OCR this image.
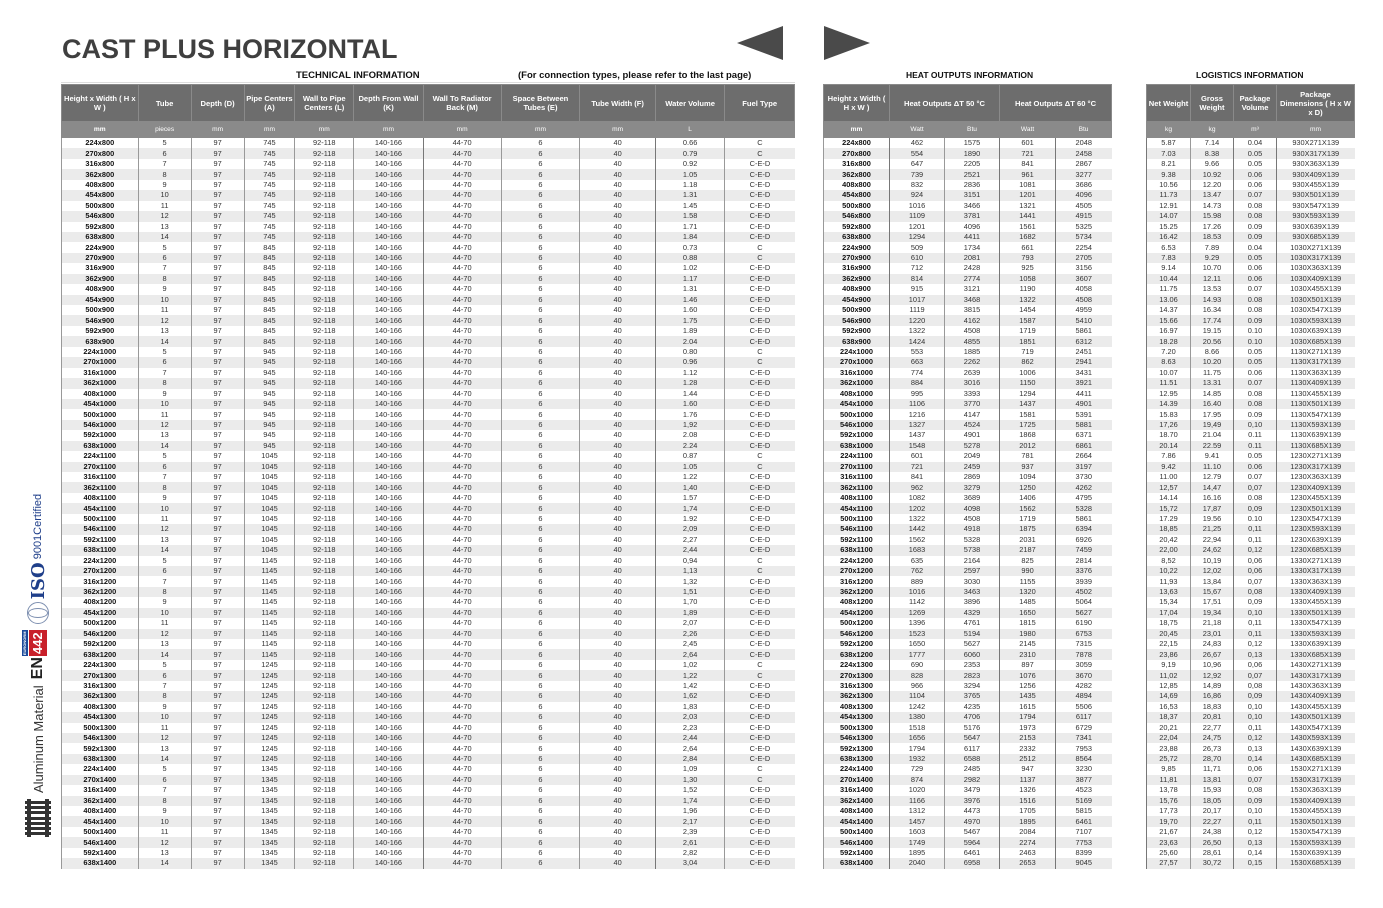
CAST PLUS HORIZONTAL
TECHNICAL INFORMATION	(For connection types, please refer to the last page)	HEAT OUTPUTS INFORMATION	LOGISTICS INFORMATION
Height x Width ( H x W )	Tube	Depth (D)	Pipe Centers (A)	Wall to Pipe Centers (L)	Depth From Wall (K)	Wall To Radiator Back (M)	Space Between Tubes (E)	Tube Width (F)	Water Volume	Fuel Type
mm	pieces	mm	mm	mm	mm	mm	mm	mm	L	
224x800	5	97	745	92-118	140-166	44-70	6	40	0.66	C
270x800	6	97	745	92-118	140-166	44-70	6	40	0.79	C
316x800	7	97	745	92-118	140-166	44-70	6	40	0.92	C-E-D
362x800	8	97	745	92-118	140-166	44-70	6	40	1.05	C-E-D
408x800	9	97	745	92-118	140-166	44-70	6	40	1.18	C-E-D
454x800	10	97	745	92-118	140-166	44-70	6	40	1.31	C-E-D
500x800	11	97	745	92-118	140-166	44-70	6	40	1.45	C-E-D
546x800	12	97	745	92-118	140-166	44-70	6	40	1.58	C-E-D
592x800	13	97	745	92-118	140-166	44-70	6	40	1.71	C-E-D
638x800	14	97	745	92-118	140-166	44-70	6	40	1.84	C-E-D
224x900	5	97	845	92-118	140-166	44-70	6	40	0.73	C
270x900	6	97	845	92-118	140-166	44-70	6	40	0.88	C
316x900	7	97	845	92-118	140-166	44-70	6	40	1.02	C-E-D
362x900	8	97	845	92-118	140-166	44-70	6	40	1.17	C-E-D
408x900	9	97	845	92-118	140-166	44-70	6	40	1.31	C-E-D
454x900	10	97	845	92-118	140-166	44-70	6	40	1.46	C-E-D
500x900	11	97	845	92-118	140-166	44-70	6	40	1.60	C-E-D
546x900	12	97	845	92-118	140-166	44-70	6	40	1.75	C-E-D
592x900	13	97	845	92-118	140-166	44-70	6	40	1.89	C-E-D
638x900	14	97	845	92-118	140-166	44-70	6	40	2.04	C-E-D
224x1000	5	97	945	92-118	140-166	44-70	6	40	0.80	C
270x1000	6	97	945	92-118	140-166	44-70	6	40	0.96	C
316x1000	7	97	945	92-118	140-166	44-70	6	40	1.12	C-E-D
362x1000	8	97	945	92-118	140-166	44-70	6	40	1.28	C-E-D
408x1000	9	97	945	92-118	140-166	44-70	6	40	1.44	C-E-D
454x1000	10	97	945	92-118	140-166	44-70	6	40	1.60	C-E-D
500x1000	11	97	945	92-118	140-166	44-70	6	40	1.76	C-E-D
546x1000	12	97	945	92-118	140-166	44-70	6	40	1,92	C-E-D
592x1000	13	97	945	92-118	140-166	44-70	6	40	2.08	C-E-D
638x1000	14	97	945	92-118	140-166	44-70	6	40	2.24	C-E-D
224x1100	5	97	1045	92-118	140-166	44-70	6	40	0.87	C
270x1100	6	97	1045	92-118	140-166	44-70	6	40	1.05	C
316x1100	7	97	1045	92-118	140-166	44-70	6	40	1.22	C-E-D
362x1100	8	97	1045	92-118	140-166	44-70	6	40	1,40	C-E-D
408x1100	9	97	1045	92-118	140-166	44-70	6	40	1.57	C-E-D
454x1100	10	97	1045	92-118	140-166	44-70	6	40	1,74	C-E-D
500x1100	11	97	1045	92-118	140-166	44-70	6	40	1.92	C-E-D
546x1100	12	97	1045	92-118	140-166	44-70	6	40	2,09	C-E-D
592x1100	13	97	1045	92-118	140-166	44-70	6	40	2,27	C-E-D
638x1100	14	97	1045	92-118	140-166	44-70	6	40	2,44	C-E-D
224x1200	5	97	1145	92-118	140-166	44-70	6	40	0,94	C
270x1200	6	97	1145	92-118	140-166	44-70	6	40	1,13	C
316x1200	7	97	1145	92-118	140-166	44-70	6	40	1,32	C-E-D
362x1200	8	97	1145	92-118	140-166	44-70	6	40	1,51	C-E-D
408x1200	9	97	1145	92-118	140-166	44-70	6	40	1,70	C-E-D
454x1200	10	97	1145	92-118	140-166	44-70	6	40	1,89	C-E-D
500x1200	11	97	1145	92-118	140-166	44-70	6	40	2,07	C-E-D
546x1200	12	97	1145	92-118	140-166	44-70	6	40	2,26	C-E-D
592x1200	13	97	1145	92-118	140-166	44-70	6	40	2,45	C-E-D
638x1200	14	97	1145	92-118	140-166	44-70	6	40	2,64	C-E-D
224x1300	5	97	1245	92-118	140-166	44-70	6	40	1,02	C
270x1300	6	97	1245	92-118	140-166	44-70	6	40	1,22	C
316x1300	7	97	1245	92-118	140-166	44-70	6	40	1,42	C-E-D
362x1300	8	97	1245	92-118	140-166	44-70	6	40	1,62	C-E-D
408x1300	9	97	1245	92-118	140-166	44-70	6	40	1,83	C-E-D
454x1300	10	97	1245	92-118	140-166	44-70	6	40	2,03	C-E-D
500x1300	11	97	1245	92-118	140-166	44-70	6	40	2,23	C-E-D
546x1300	12	97	1245	92-118	140-166	44-70	6	40	2,44	C-E-D
592x1300	13	97	1245	92-118	140-166	44-70	6	40	2,64	C-E-D
638x1300	14	97	1245	92-118	140-166	44-70	6	40	2,84	C-E-D
224x1400	5	97	1345	92-118	140-166	44-70	6	40	1,09	C
270x1400	6	97	1345	92-118	140-166	44-70	6	40	1,30	C
316x1400	7	97	1345	92-118	140-166	44-70	6	40	1,52	C-E-D
362x1400	8	97	1345	92-118	140-166	44-70	6	40	1,74	C-E-D
408x1400	9	97	1345	92-118	140-166	44-70	6	40	1,96	C-E-D
454x1400	10	97	1345	92-118	140-166	44-70	6	40	2,17	C-E-D
500x1400	11	97	1345	92-118	140-166	44-70	6	40	2,39	C-E-D
546x1400	12	97	1345	92-118	140-166	44-70	6	40	2,61	C-E-D
592x1400	13	97	1345	92-118	140-166	44-70	6	40	2,82	C-E-D
638x1400	14	97	1345	92-118	140-166	44-70	6	40	3,04	C-E-D
Height x Width ( H x W )	Heat Outputs ΔT 50 °C		Heat Outputs ΔT 60 °C	
mm	Watt	Btu	Watt	Btu
224x800	462	1575	601	2048
270x800	554	1890	721	2458
316x800	647	2205	841	2867
362x800	739	2521	961	3277
408x800	832	2836	1081	3686
454x800	924	3151	1201	4096
500x800	1016	3466	1321	4505
546x800	1109	3781	1441	4915
592x800	1201	4096	1561	5325
638x800	1294	4411	1682	5734
224x900	509	1734	661	2254
270x900	610	2081	793	2705
316x900	712	2428	925	3156
362x900	814	2774	1058	3607
408x900	915	3121	1190	4058
454x900	1017	3468	1322	4508
500x900	1119	3815	1454	4959
546x900	1220	4162	1587	5410
592x900	1322	4508	1719	5861
638x900	1424	4855	1851	6312
224x1000	553	1885	719	2451
270x1000	663	2262	862	2941
316x1000	774	2639	1006	3431
362x1000	884	3016	1150	3921
408x1000	995	3393	1294	4411
454x1000	1106	3770	1437	4901
500x1000	1216	4147	1581	5391
546x1000	1327	4524	1725	5881
592x1000	1437	4901	1868	6371
638x1000	1548	5278	2012	6861
224x1100	601	2049	781	2664
270x1100	721	2459	937	3197
316x1100	841	2869	1094	3730
362x1100	962	3279	1250	4262
408x1100	1082	3689	1406	4795
454x1100	1202	4098	1562	5328
500x1100	1322	4508	1719	5861
546x1100	1442	4918	1875	6394
592x1100	1562	5328	2031	6926
638x1100	1683	5738	2187	7459
224x1200	635	2164	825	2814
270x1200	762	2597	990	3376
316x1200	889	3030	1155	3939
362x1200	1016	3463	1320	4502
408x1200	1142	3896	1485	5064
454x1200	1269	4329	1650	5627
500x1200	1396	4761	1815	6190
546x1200	1523	5194	1980	6753
592x1200	1650	5627	2145	7315
638x1200	1777	6060	2310	7878
224x1300	690	2353	897	3059
270x1300	828	2823	1076	3670
316x1300	966	3294	1256	4282
362x1300	1104	3765	1435	4894
408x1300	1242	4235	1615	5506
454x1300	1380	4706	1794	6117
500x1300	1518	5176	1973	6729
546x1300	1656	5647	2153	7341
592x1300	1794	6117	2332	7953
638x1300	1932	6588	2512	8564
224x1400	729	2485	947	3230
270x1400	874	2982	1137	3877
316x1400	1020	3479	1326	4523
362x1400	1166	3976	1516	5169
408x1400	1312	4473	1705	5815
454x1400	1457	4970	1895	6461
500x1400	1603	5467	2084	7107
546x1400	1749	5964	2274	7753
592x1400	1895	6461	2463	8399
638x1400	2040	6958	2653	9045
Net Weight	Gross Weight	Package Volume	Package Dimensions ( H x W x D)
kg	kg	m³	mm
5.87	7.14	0.04	930X271X139
7.03	8.38	0.05	930X317X139
8.21	9.66	0.05	930X363X139
9.38	10.92	0.06	930X409X139
10.56	12.20	0.06	930X455X139
11.73	13.47	0.07	930X501X139
12.91	14.73	0.08	930X547X139
14.07	15.98	0.08	930X593X139
15.25	17.26	0.09	930X639X139
16.42	18.53	0.09	930X685X139
6.53	7.89	0.04	1030X271X139
7.83	9.29	0.05	1030X317X139
9.14	10.70	0.06	1030X363X139
10.44	12.11	0.06	1030X409X139
11.75	13.53	0.07	1030X455X139
13.06	14.93	0.08	1030X501X139
14.37	16.34	0.08	1030X547X139
15.66	17.74	0.09	1030X593X139
16.97	19.15	0.10	1030X639X139
18.28	20.56	0.10	1030X685X139
7.20	8.66	0.05	1130X271X139
8.63	10.20	0.05	1130X317X139
10.07	11.75	0.06	1130X363X139
11.51	13.31	0.07	1130X409X139
12.95	14.85	0.08	1130X455X139
14.39	16.40	0.08	1130X501X139
15.83	17.95	0.09	1130X547X139
17,26	19,49	0,10	1130X593X139
18.70	21.04	0.11	1130X639X139
20.14	22.59	0.11	1130X685X139
7.86	9.41	0.05	1230X271X139
9.42	11.10	0.06	1230X317X139
11.00	12.79	0.07	1230X363X139
12,57	14,47	0,07	1230X409X139
14.14	16.16	0.08	1230X455X139
15,72	17,87	0,09	1230X501X139
17.29	19.56	0.10	1230X547X139
18,85	21,25	0,11	1230X593X139
20,42	22,94	0,11	1230X639X139
22,00	24,62	0,12	1230X685X139
8,52	10,19	0,06	1330X271X139
10,22	12,02	0,06	1330X317X139
11,93	13,84	0,07	1330X363X139
13,63	15,67	0,08	1330X409X139
15,34	17,51	0,09	1330X455X139
17,04	19,34	0,10	1330X501X139
18,75	21,18	0,11	1330X547X139
20,45	23,01	0,11	1330X593X139
22,15	24,83	0,12	1330X639X139
23,86	26,67	0,13	1330X685X139
9,19	10,96	0,06	1430X271X139
11,02	12,92	0,07	1430X317X139
12,85	14,89	0,08	1430X363X139
14,69	16,86	0,09	1430X409X139
16,53	18,83	0,10	1430X455X139
18,37	20,81	0,10	1430X501X139
20,21	22,77	0,11	1430X547X139
22,04	24,75	0,12	1430X593X139
23,88	26,73	0,13	1430X639X139
25,72	28,70	0,14	1430X685X139
9,85	11,71	0,06	1530X271X139
11,81	13,81	0,07	1530X317X139
13,78	15,93	0,08	1530X363X139
15,76	18,05	0,09	1530X409X139
17,73	20,17	0,10	1530X455X139
19,70	22,27	0,11	1530X501X139
21,67	24,38	0,12	1530X547X139
23,63	26,50	0,13	1530X593X139
25,60	28,61	0,14	1530X639X139
27,57	30,72	0,15	1530X685X139
Aluminum Material
EN
EURONORM 442
ISO
9001Certified
